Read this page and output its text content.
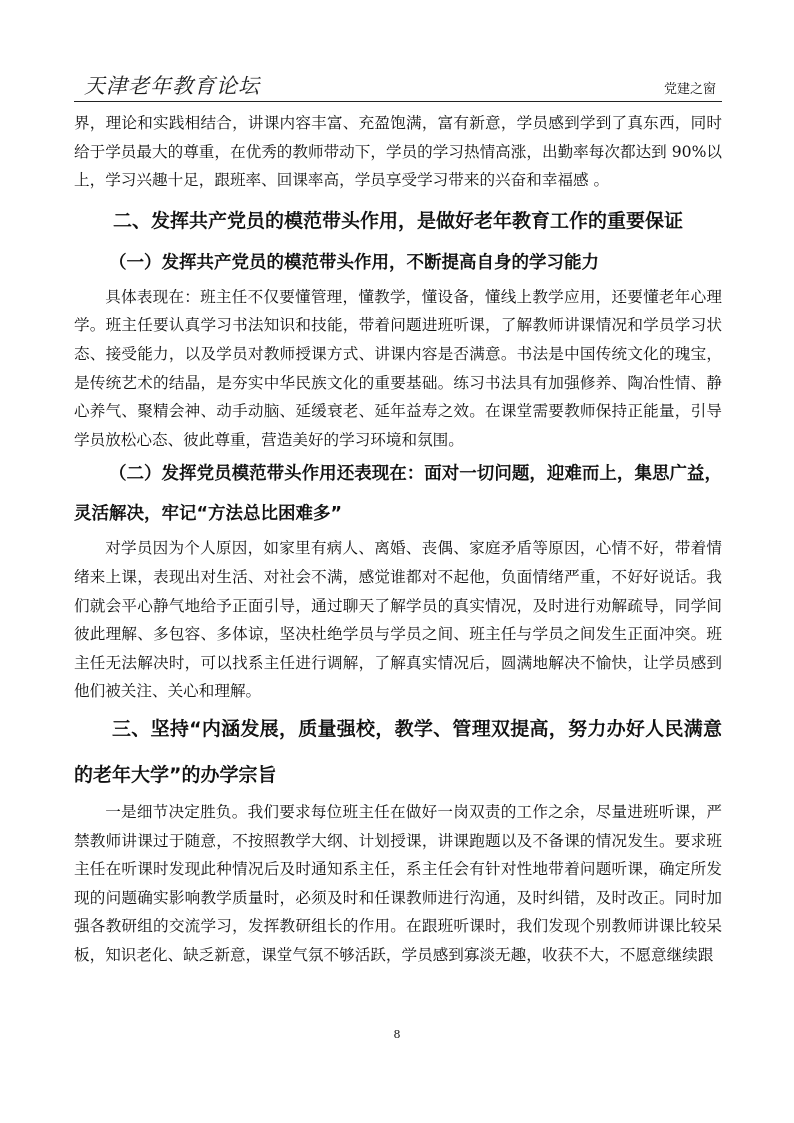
天津老年教育论坛	党建之窗

界，理论和实践相结合，讲课内容丰富、充盈饱满，富有新意，学员感到学到了真东西，同时给于学员最大的尊重，在优秀的教师带动下，学员的学习热情高涨，出勤率每次都达到 90%以上，学习兴趣十足，跟班率、回课率高，学员享受学习带来的兴奋和幸福感 。

二、发挥共产党员的模范带头作用，是做好老年教育工作的重要保证
（一）发挥共产党员的模范带头作用，不断提高自身的学习能力

具体表现在：班主任不仅要懂管理，懂教学，懂设备，懂线上教学应用，还要懂老年心理学。班主任要认真学习书法知识和技能，带着问题进班听课，了解教师讲课情况和学员学习状态、接受能力，以及学员对教师授课方式、讲课内容是否满意。书法是中国传统文化的瑰宝，是传统艺术的结晶，是夯实中华民族文化的重要基础。练习书法具有加强修养、陶冶性情、静心养气、聚精会神、动手动脑、延缓衰老、延年益寿之效。在课堂需要教师保持正能量，引导学员放松心态、彼此尊重，营造美好的学习环境和氛围。

（二）发挥党员模范带头作用还表现在：面对一切问题，迎难而上，集思广益，灵活解决，牢记“方法总比困难多”

对学员因为个人原因，如家里有病人、离婚、丧偶、家庭矛盾等原因，心情不好，带着情绪来上课，表现出对生活、对社会不满，感觉谁都对不起他，负面情绪严重，不好好说话。我们就会平心静气地给予正面引导，通过聊天了解学员的真实情况，及时进行劝解疏导，同学间彼此理解、多包容、多体谅，坚决杜绝学员与学员之间、班主任与学员之间发生正面冲突。班主任无法解决时，可以找系主任进行调解，了解真实情况后，圆满地解决不愉快，让学员感到他们被关注、关心和理解。

三、坚持“内涵发展，质量强校，教学、管理双提高，努力办好人民满意的老年大学”的办学宗旨

一是细节决定胜负。我们要求每位班主任在做好一岗双责的工作之余，尽量进班听课，严禁教师讲课过于随意，不按照教学大纲、计划授课，讲课跑题以及不备课的情况发生。要求班主任在听课时发现此种情况后及时通知系主任，系主任会有针对性地带着问题听课，确定所发现的问题确实影响教学质量时，必须及时和任课教师进行沟通，及时纠错，及时改正。同时加强各教研组的交流学习，发挥教研组长的作用。在跟班听课时，我们发现个别教师讲课比较呆板，知识老化、缺乏新意，课堂气氛不够活跃，学员感到寡淡无趣，收获不大，不愿意继续跟

8
